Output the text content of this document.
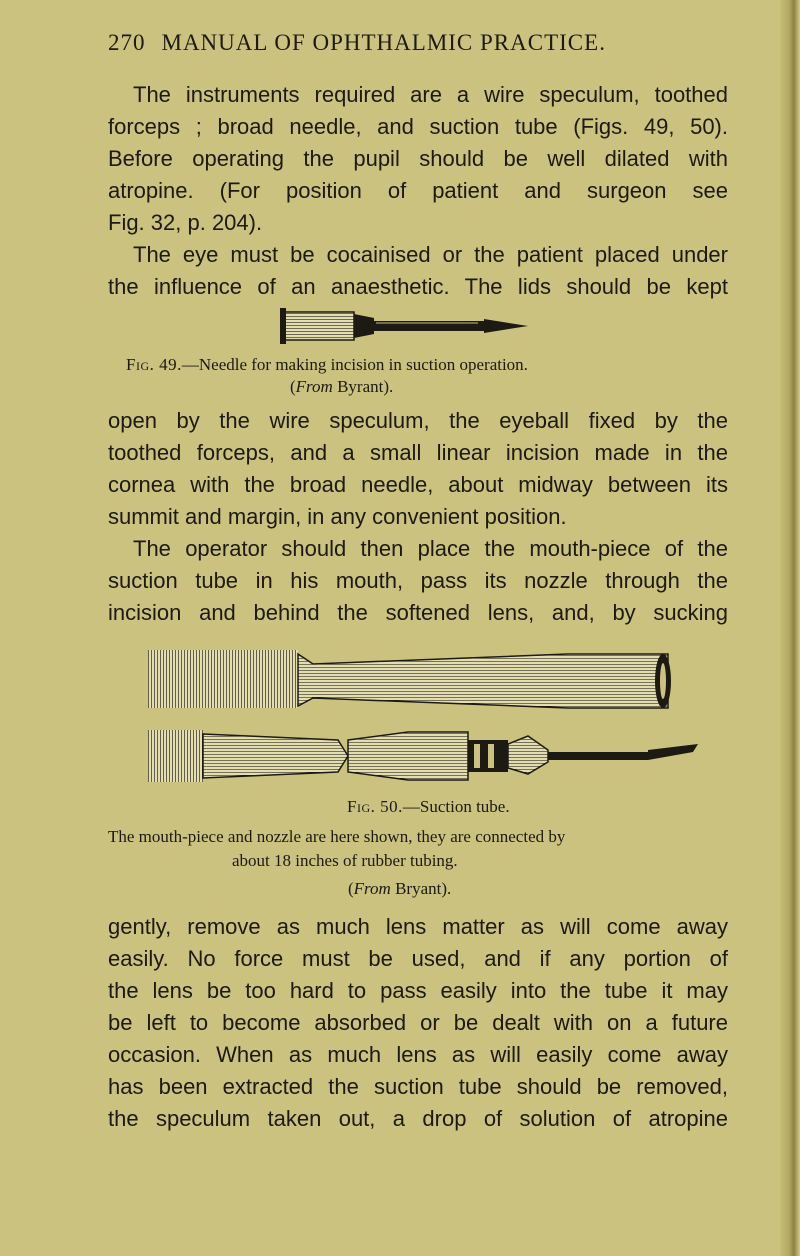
270 MANUAL OF OPHTHALMIC PRACTICE.
The instruments required are a wire speculum, toothed
forceps ; broad needle, and suction tube (Figs. 49, 50).
Before operating the pupil should be well dilated with
atropine. (For position of patient and surgeon see
Fig. 32, p. 204).
The eye must be cocainised or the patient placed under
the influence of an anaesthetic. The lids should be kept
Fig. 49.—Needle for making incision in suction operation.
(From Byrant).
open by the wire speculum, the eyeball fixed by the
toothed forceps, and a small linear incision made in the
cornea with the broad needle, about midway between its
summit and margin, in any convenient position.
The operator should then place the mouth-piece of the
suction tube in his mouth, pass its nozzle through the
incision and behind the softened lens, and, by sucking
Fig. 50.—Suction tube.
The mouth-piece and nozzle are here shown, they are connected by
about 18 inches of rubber tubing.
(From Bryant).
gently, remove as much lens matter as will come away
easily. No force must be used, and if any portion of
the lens be too hard to pass easily into the tube it may
be left to become absorbed or be dealt with on a future
occasion. When as much lens as will easily come away
has been extracted the suction tube should be removed,
the speculum taken out, a drop of solution of atropine
